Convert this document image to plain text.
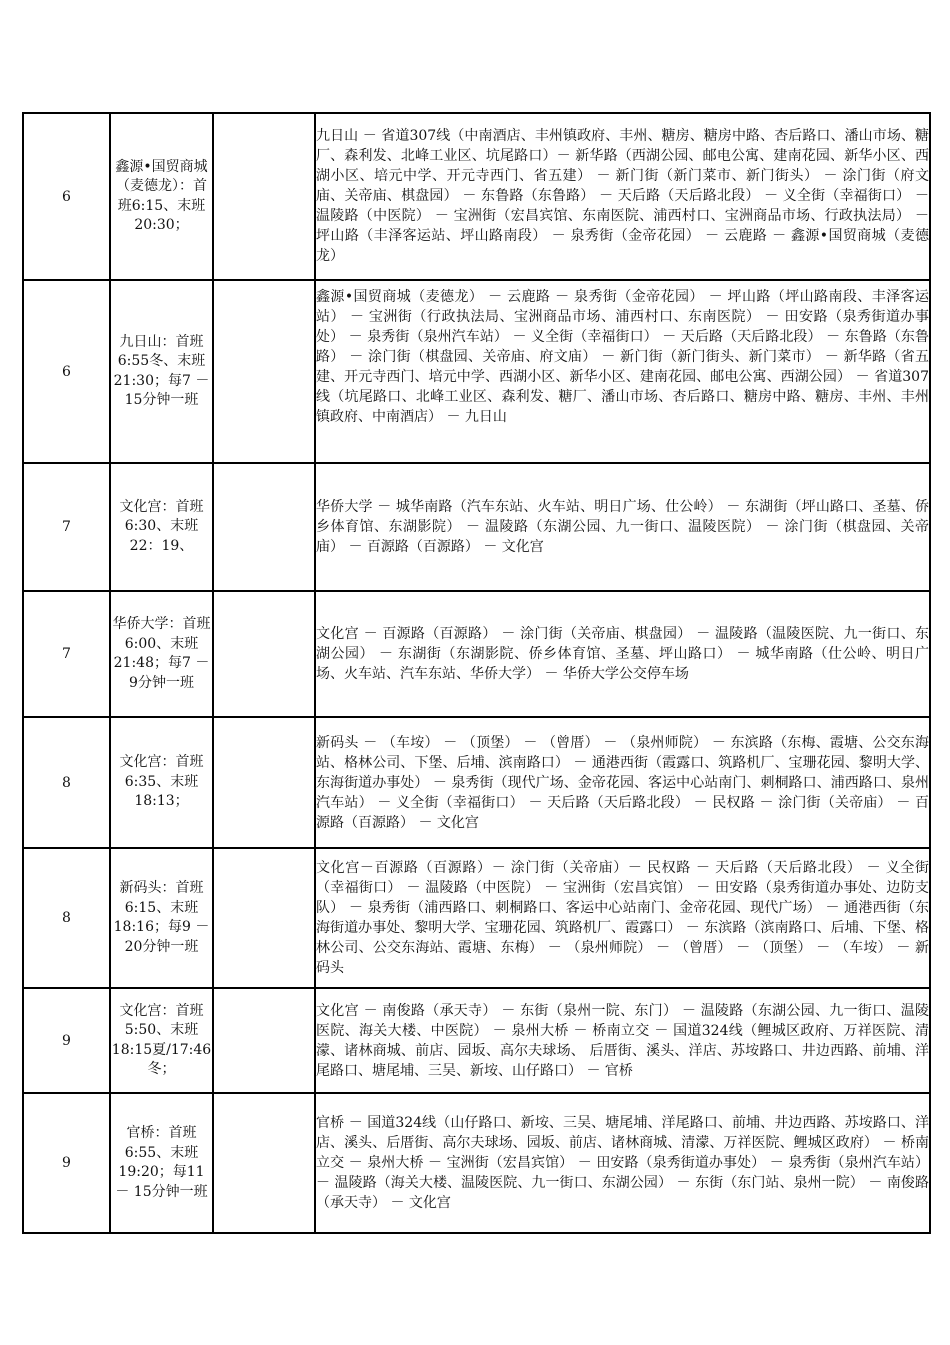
6	鑫源•国贸商城（麦德龙）：首班6:15、末班20:30；		九日山 － 省道307线（中南酒店、丰州镇政府、丰州、糖房、糖房中路、杏后路口、潘山市场、糖厂、森利发、北峰工业区、坑尾路口）－ 新华路（西湖公园、邮电公寓、建南花园、新华小区、西湖小区、培元中学、开元寺西门、省五建） － 新门街（新门菜市、新门街头） － 涂门街（府文庙、关帝庙、棋盘园） － 东鲁路（东鲁路） － 天后路（天后路北段） － 义全街（幸福街口） － 温陵路（中医院） － 宝洲街（宏昌宾馆、东南医院、浦西村口、宝洲商品市场、行政执法局） － 坪山路（丰泽客运站、坪山路南段） － 泉秀街（金帝花园） － 云鹿路 － 鑫源•国贸商城（麦德龙）
6	九日山：首班6:55冬、末班21:30；每7 － 15分钟一班		鑫源•国贸商城（麦德龙） － 云鹿路 － 泉秀街（金帝花园） － 坪山路（坪山路南段、丰泽客运站） － 宝洲街（行政执法局、宝洲商品市场、浦西村口、东南医院） － 田安路（泉秀街道办事处） － 泉秀街（泉州汽车站） － 义全街（幸福街口） － 天后路（天后路北段） － 东鲁路（东鲁路） － 涂门街（棋盘园、关帝庙、府文庙） － 新门街（新门街头、新门菜市） － 新华路（省五建、开元寺西门、培元中学、西湖小区、新华小区、建南花园、邮电公寓、西湖公园） － 省道307线（坑尾路口、北峰工业区、森利发、糖厂、潘山市场、杏后路口、糖房中路、糖房、丰州、丰州镇政府、中南酒店） － 九日山
7	文化宫：首班6:30、末班22：19、		华侨大学 － 城华南路（汽车东站、火车站、明日广场、仕公岭） － 东湖街（坪山路口、圣墓、侨乡体育馆、东湖影院） － 温陵路（东湖公园、九一街口、温陵医院） － 涂门街（棋盘园、关帝庙） － 百源路（百源路） － 文化宫
7	华侨大学：首班6:00、末班21:48；每7 － 9分钟一班		文化宫 － 百源路（百源路） － 涂门街（关帝庙、棋盘园） － 温陵路（温陵医院、九一街口、东湖公园） － 东湖街（东湖影院、侨乡体育馆、圣墓、坪山路口） － 城华南路（仕公岭、明日广场、火车站、汽车东站、华侨大学） － 华侨大学公交停车场
8	文化宫：首班6:35、末班18:13；		新码头 － （车垵） － （顶堡） － （曾厝） － （泉州师院） － 东滨路（东梅、霞塘、公交东海站、格林公司、下堡、后埔、滨南路口） － 通港西街（霞露口、筑路机厂、宝珊花园、黎明大学、东海街道办事处） － 泉秀街（现代广场、金帝花园、客运中心站南门、刺桐路口、浦西路口、泉州汽车站） － 义全街（幸福街口） － 天后路（天后路北段） － 民权路 － 涂门街（关帝庙） － 百源路（百源路） － 文化宫
8	新码头：首班6:15、末班18:16；每9 － 20分钟一班		文化宫－百源路（百源路）－ 涂门街（关帝庙）－ 民权路 － 天后路（天后路北段） － 义全街（幸福街口） － 温陵路（中医院） － 宝洲街（宏昌宾馆） － 田安路（泉秀街道办事处、边防支队） － 泉秀街（浦西路口、刺桐路口、客运中心站南门、金帝花园、现代广场） － 通港西街（东海街道办事处、黎明大学、宝珊花园、筑路机厂、霞露口） － 东滨路（滨南路口、后埔、下堡、格林公司、公交东海站、霞塘、东梅） － （泉州师院） － （曾厝） － （顶堡） － （车垵） － 新码头
9	文化宫：首班5:50、末班18:15夏/17:46冬；		文化宫 － 南俊路（承天寺） － 东街（泉州一院、东门） － 温陵路（东湖公园、九一街口、温陵医院、海关大楼、中医院） － 泉州大桥 － 桥南立交 － 国道324线（鲤城区政府、万祥医院、清濛、诸林商城、前店、园坂、高尔夫球场、 后厝街、溪头、洋店、苏垵路口、井边西路、前埔、洋尾路口、塘尾埔、三吴、新垵、山仔路口） － 官桥
9	官桥：首班6:55、末班19:20；每11 － 15分钟一班		官桥 － 国道324线（山仔路口、新垵、三吴、塘尾埔、洋尾路口、前埔、井边西路、苏垵路口、洋店、溪头、后厝街、高尔夫球场、园坂、前店、诸林商城、清濛、万祥医院、鲤城区政府） － 桥南立交 － 泉州大桥 － 宝洲街（宏昌宾馆） － 田安路（泉秀街道办事处） － 泉秀街（泉州汽车站） － 温陵路（海关大楼、温陵医院、九一街口、东湖公园） － 东街（东门站、泉州一院） － 南俊路（承天寺） － 文化宫
